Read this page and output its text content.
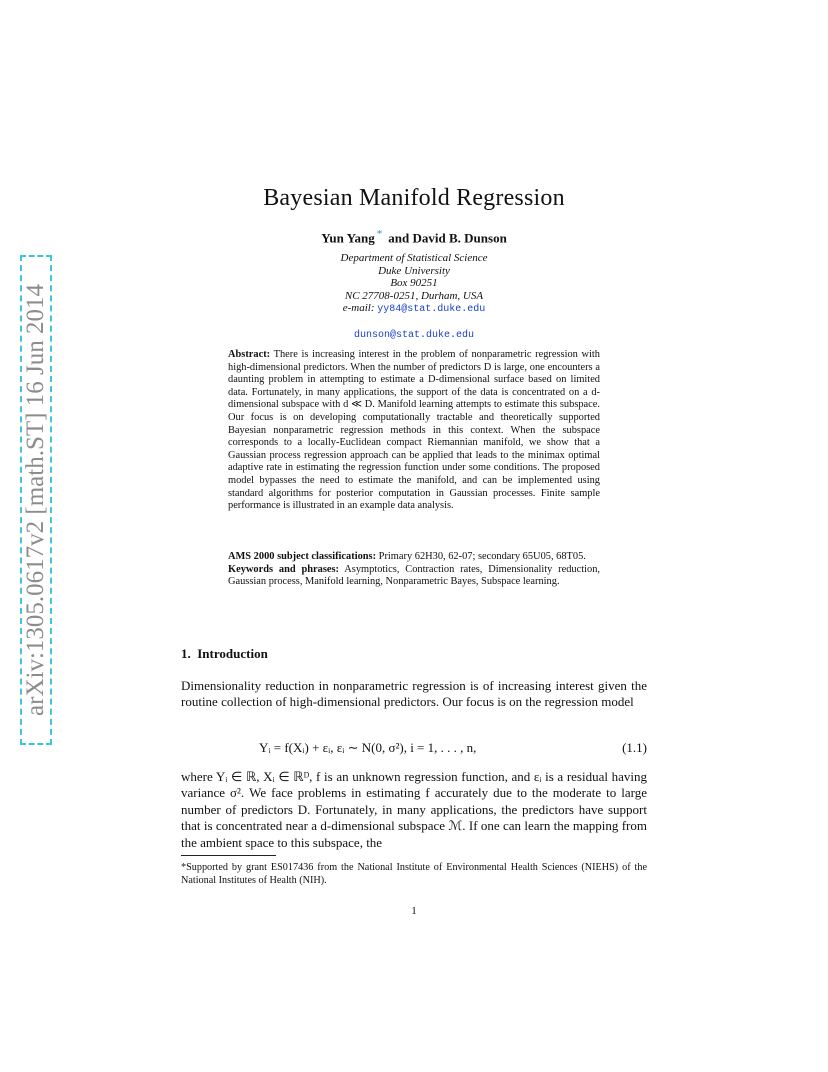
arXiv:1305.0617v2 [math.ST] 16 Jun 2014
Bayesian Manifold Regression
Yun Yang * and David B. Dunson
Department of Statistical Science
Duke University
Box 90251
NC 27708-0251, Durham, USA
e-mail: yy84@stat.duke.edu
dunson@stat.duke.edu
Abstract: There is increasing interest in the problem of nonparametric regression with high-dimensional predictors. When the number of predictors D is large, one encounters a daunting problem in attempting to estimate a D-dimensional surface based on limited data. Fortunately, in many applications, the support of the data is concentrated on a d-dimensional subspace with d ≪ D. Manifold learning attempts to estimate this subspace. Our focus is on developing computationally tractable and theoretically supported Bayesian nonparametric regression methods in this context. When the subspace corresponds to a locally-Euclidean compact Riemannian manifold, we show that a Gaussian process regression approach can be applied that leads to the minimax optimal adaptive rate in estimating the regression function under some conditions. The proposed model bypasses the need to estimate the manifold, and can be implemented using standard algorithms for posterior computation in Gaussian processes. Finite sample performance is illustrated in an example data analysis.
AMS 2000 subject classifications: Primary 62H30, 62-07; secondary 65U05, 68T05.
Keywords and phrases: Asymptotics, Contraction rates, Dimensionality reduction, Gaussian process, Manifold learning, Nonparametric Bayes, Subspace learning.
1. Introduction
Dimensionality reduction in nonparametric regression is of increasing interest given the routine collection of high-dimensional predictors. Our focus is on the regression model
Yᵢ = f(Xᵢ) + εᵢ, εᵢ ∼ N(0, σ²), i = 1, . . . , n,	(1.1)
where Yᵢ ∈ ℝ, Xᵢ ∈ ℝᴰ, f is an unknown regression function, and εᵢ is a residual having variance σ². We face problems in estimating f accurately due to the moderate to large number of predictors D. Fortunately, in many applications, the predictors have support that is concentrated near a d-dimensional subspace ℳ. If one can learn the mapping from the ambient space to this subspace, the
*Supported by grant ES017436 from the National Institute of Environmental Health Sciences (NIEHS) of the National Institutes of Health (NIH).
1
